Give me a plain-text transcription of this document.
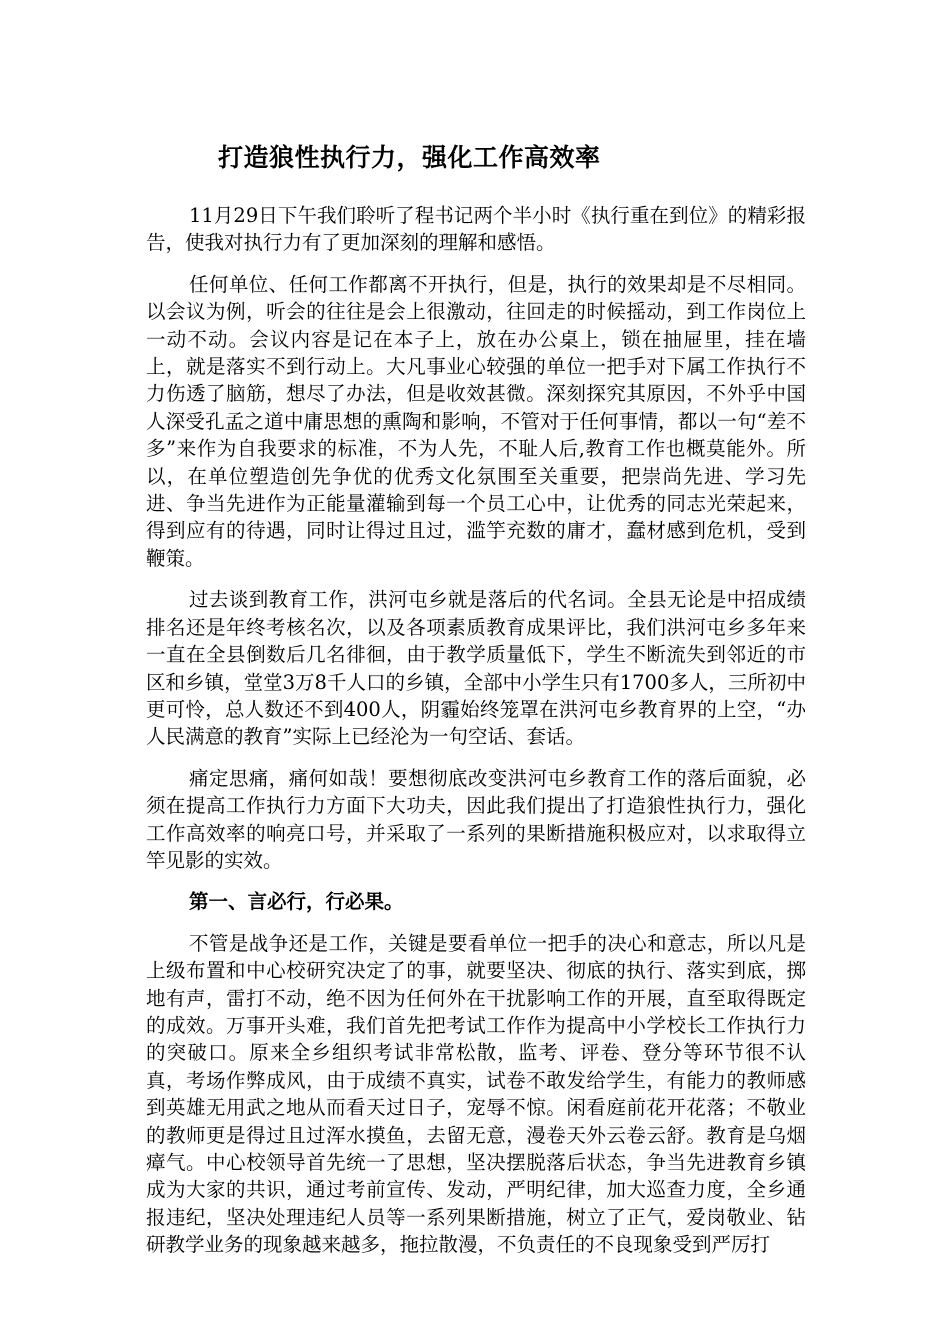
打造狼性执行力，强化工作高效率

11月29日下午我们聆听了程书记两个半小时《执行重在到位》的精彩报告，使我对执行力有了更加深刻的理解和感悟。

任何单位、任何工作都离不开执行，但是，执行的效果却是不尽相同。以会议为例，听会的往往是会上很激动，往回走的时候摇动，到工作岗位上一动不动。会议内容是记在本子上，放在办公桌上，锁在抽屉里，挂在墙上，就是落实不到行动上。大凡事业心较强的单位一把手对下属工作执行不力伤透了脑筋，想尽了办法，但是收效甚微。深刻探究其原因，不外乎中国人深受孔孟之道中庸思想的熏陶和影响，不管对于任何事情，都以一句“差不多”来作为自我要求的标准，不为人先，不耻人后,教育工作也概莫能外。所以，在单位塑造创先争优的优秀文化氛围至关重要，把崇尚先进、学习先进、争当先进作为正能量灌输到每一个员工心中，让优秀的同志光荣起来，得到应有的待遇，同时让得过且过，滥竽充数的庸才，蠢材感到危机，受到鞭策。

过去谈到教育工作，洪河屯乡就是落后的代名词。全县无论是中招成绩排名还是年终考核名次，以及各项素质教育成果评比，我们洪河屯乡多年来一直在全县倒数后几名徘徊，由于教学质量低下，学生不断流失到邻近的市区和乡镇，堂堂3万8千人口的乡镇，全部中小学生只有1700多人，三所初中更可怜，总人数还不到400人，阴霾始终笼罩在洪河屯乡教育界的上空，“办人民满意的教育”实际上已经沦为一句空话、套话。

痛定思痛，痛何如哉！要想彻底改变洪河屯乡教育工作的落后面貌，必须在提高工作执行力方面下大功夫，因此我们提出了打造狼性执行力，强化工作高效率的响亮口号，并采取了一系列的果断措施积极应对，以求取得立竿见影的实效。

第一、言必行，行必果。

不管是战争还是工作，关键是要看单位一把手的决心和意志，所以凡是上级布置和中心校研究决定了的事，就要坚决、彻底的执行、落实到底，掷地有声，雷打不动，绝不因为任何外在干扰影响工作的开展，直至取得既定的成效。万事开头难，我们首先把考试工作作为提高中小学校长工作执行力的突破口。原来全乡组织考试非常松散，监考、评卷、登分等环节很不认真，考场作弊成风，由于成绩不真实，试卷不敢发给学生，有能力的教师感到英雄无用武之地从而看天过日子，宠辱不惊。闲看庭前花开花落；不敬业的教师更是得过且过浑水摸鱼，去留无意，漫卷天外云卷云舒。教育是乌烟瘴气。中心校领导首先统一了思想，坚决摆脱落后状态，争当先进教育乡镇成为大家的共识，通过考前宣传、发动，严明纪律，加大巡查力度，全乡通报违纪，坚决处理违纪人员等一系列果断措施，树立了正气，爱岗敬业、钻研教学业务的现象越来越多，拖拉散漫，不负责任的不良现象受到严厉打
